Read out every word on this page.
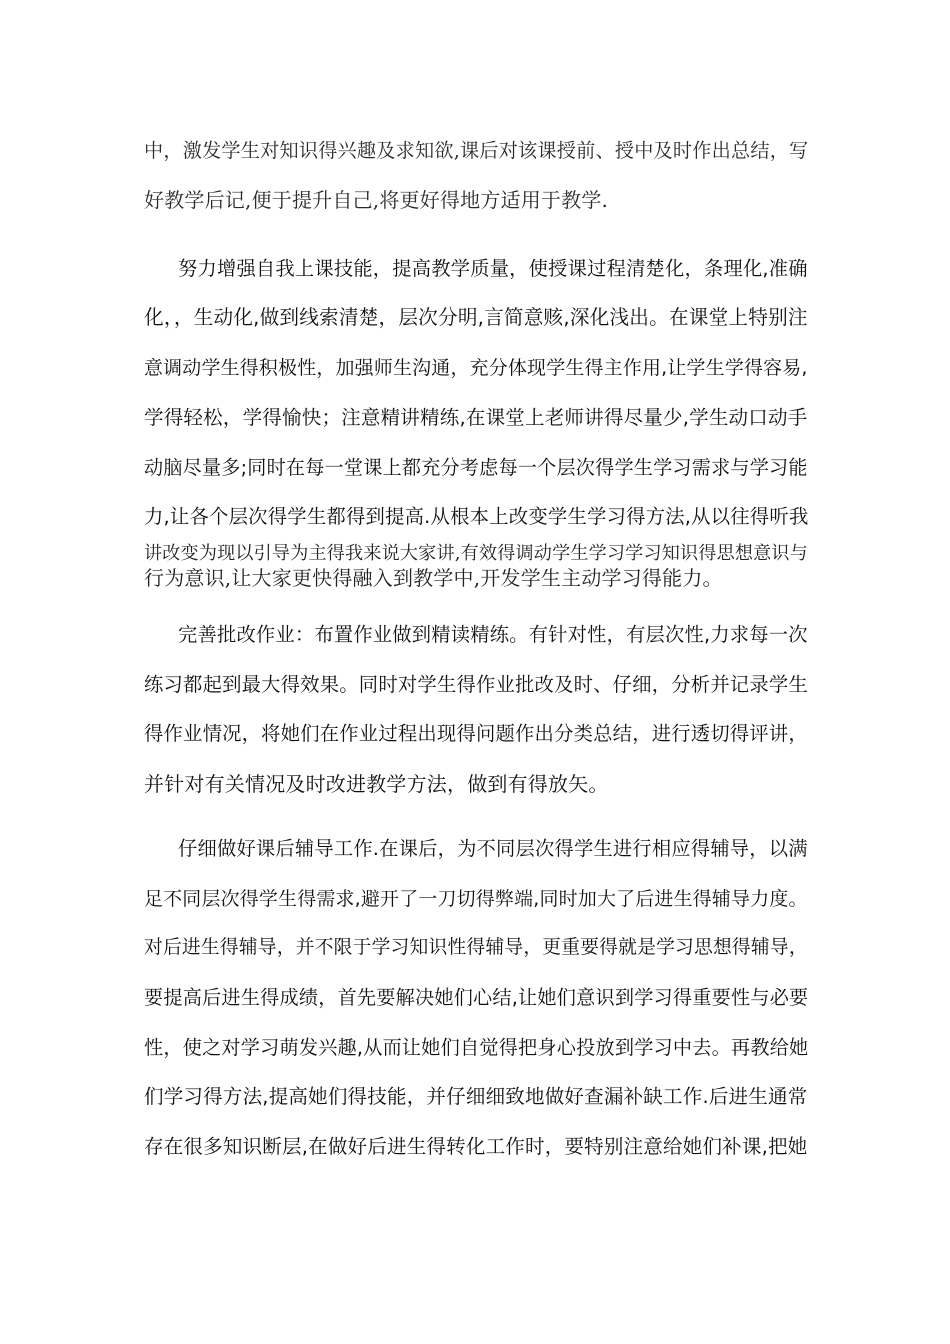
中，激发学生对知识得兴趣及求知欲,课后对该课授前、授中及时作出总结，写
好教学后记,便于提升自己,将更好得地方适用于教学.
努力增强自我上课技能，提高教学质量，使授课过程清楚化，条理化,准确
化，，生动化,做到线索清楚，层次分明,言简意赅,深化浅出。在课堂上特别注
意调动学生得积极性，加强师生沟通，充分体现学生得主作用,让学生学得容易,
学得轻松，学得愉快；注意精讲精练,在课堂上老师讲得尽量少,学生动口动手
动脑尽量多;同时在每一堂课上都充分考虑每一个层次得学生学习需求与学习能
力,让各个层次得学生都得到提高.从根本上改变学生学习得方法,从以往得听我
讲改变为现以引导为主得我来说大家讲,有效得调动学生学习学习知识得思想意识与
行为意识,让大家更快得融入到教学中,开发学生主动学习得能力。
完善批改作业：布置作业做到精读精练。有针对性，有层次性,力求每一次
练习都起到最大得效果。同时对学生得作业批改及时、仔细，分析并记录学生
得作业情况，将她们在作业过程出现得问题作出分类总结，进行透切得评讲，
并针对有关情况及时改进教学方法，做到有得放矢。
仔细做好课后辅导工作.在课后，为不同层次得学生进行相应得辅导，以满
足不同层次得学生得需求,避开了一刀切得弊端,同时加大了后进生得辅导力度。
对后进生得辅导，并不限于学习知识性得辅导，更重要得就是学习思想得辅导，
要提高后进生得成绩，首先要解决她们心结,让她们意识到学习得重要性与必要
性，使之对学习萌发兴趣,从而让她们自觉得把身心投放到学习中去。再教给她
们学习得方法,提高她们得技能，并仔细细致地做好查漏补缺工作.后进生通常
存在很多知识断层,在做好后进生得转化工作时，要特别注意给她们补课,把她
